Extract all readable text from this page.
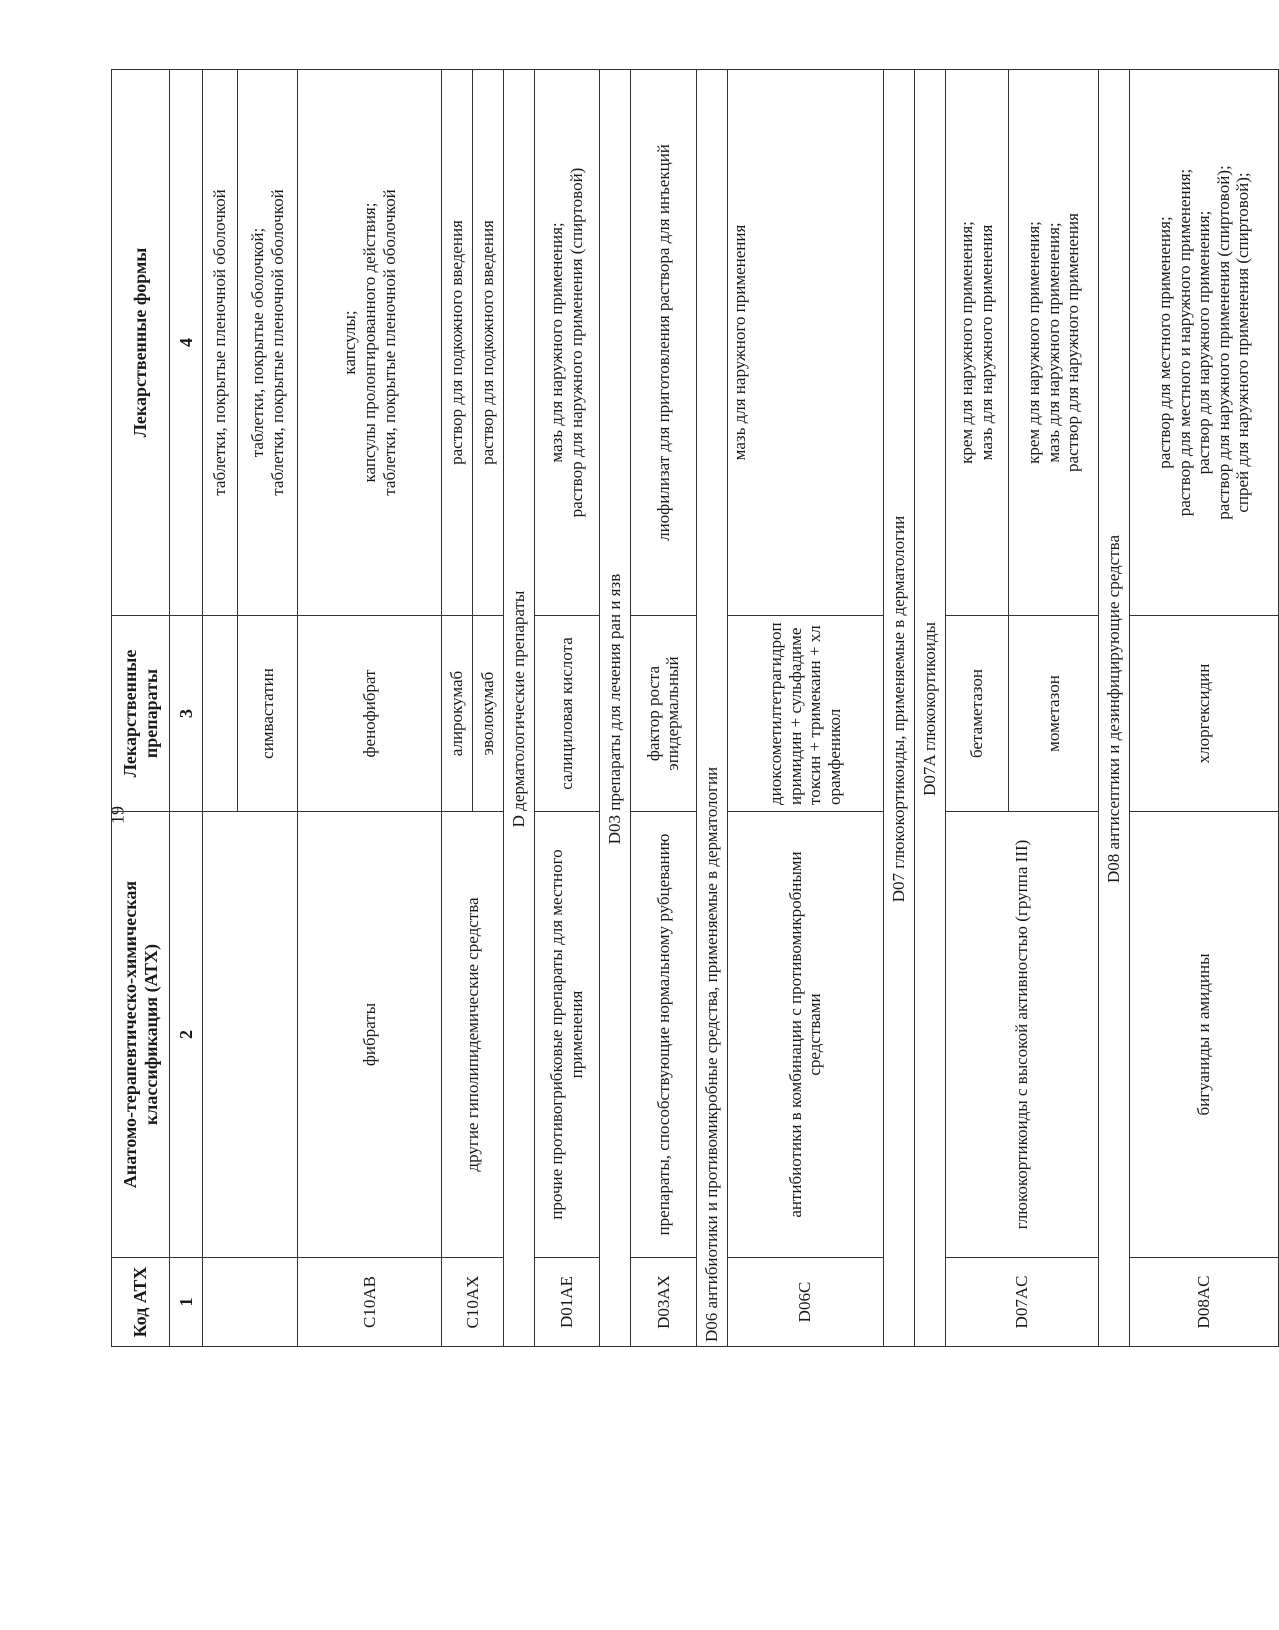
19
Код АТХ	Анатомо-терапевтическо-химическая классификация (АТХ)	Лекарственные препараты	Лекарственные формы
1	2	3	4

			таблетки, покрытые пленочной оболочкой

		симвастатин	таблетки, покрытые оболочкой; таблетки, покрытые пленочной оболочкой

C10AB	фибраты	фенофибрат	капсулы; капсулы пролонгированного действия; таблетки, покрытые пленочной оболочкой

C10AX	другие гиполипидемические средства	алирокумаб	раствор для подкожного введения

		эволокумаб	раствор для подкожного введения

D дерматологические препараты			
D01AE	прочие противогрибковые препараты для местного применения	салициловая кислота	мазь для наружного применения; раствор для наружного применения (спиртовой)

D03 препараты для лечения ран и язв			
D03AX	препараты, способствующие нормальному рубцеванию	фактор роста эпидермальный	лиофилизат для приготовления раствора для инъекций

D06 антибиотики и противомикробные средства, применяемые в дерматологии			
D06C	антибиотики в комбинации с противомикробными средствами	диоксометилтетрагидропиримидин + сульфадиметоксин + тримекаин + хлорамфеникол	мазь для наружного применения

D07 глюкокортикоиды, применяемые в дерматологии			
D07A глюкокортикоиды			
D07AC	глюкокортикоиды с высокой активностью (группа III)	бетаметазон	крем для наружного применения; мазь для наружного применения

		мометазон	крем для наружного применения; мазь для наружного применения; раствор для наружного применения

D08 антисептики и дезинфицирующие средства			
D08AC	бигуаниды и амидины	хлоргексидин	раствор для местного применения; раствор для местного и наружного применения; раствор для наружного применения; раствор для наружного применения (спиртовой); спрей для наружного применения (спиртовой);
